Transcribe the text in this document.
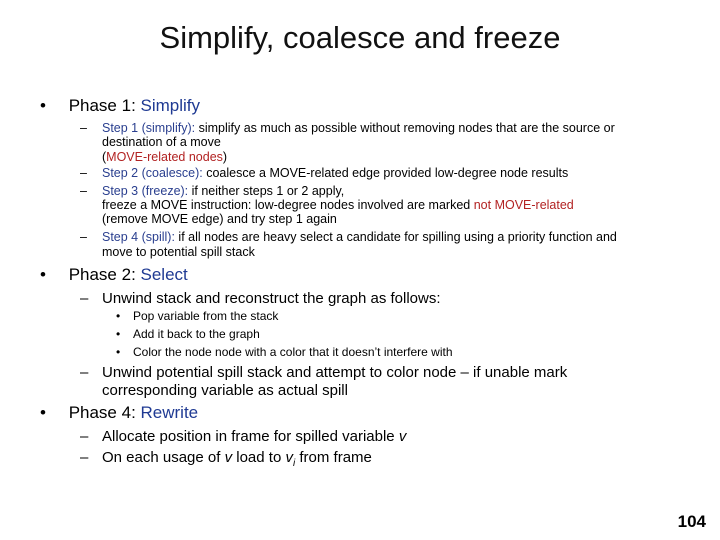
Simplify, coalesce and freeze
• Phase 1: Simplify
– Step 1 (simplify): simplify as much as possible without removing nodes that are the source or
destination of a move
(MOVE-related nodes)
– Step 2 (coalesce): coalesce a MOVE-related edge provided low-degree node results
– Step 3 (freeze): if neither steps 1 or 2 apply,
freeze a MOVE instruction: low-degree nodes involved are marked not MOVE-related
(remove MOVE edge) and try step 1 again
– Step 4 (spill): if all nodes are heavy select a candidate for spilling using a priority function and
move to potential spill stack
• Phase 2: Select
– Unwind stack and reconstruct the graph as follows:
• Pop variable from the stack
• Add it back to the graph
• Color the node node with a color that it doesn’t interfere with
– Unwind potential spill stack and attempt to color node – if unable mark
corresponding variable as actual spill
• Phase 4: Rewrite
– Allocate position in frame for spilled variable v
– On each usage of v load to $v_i$ from frame
104
